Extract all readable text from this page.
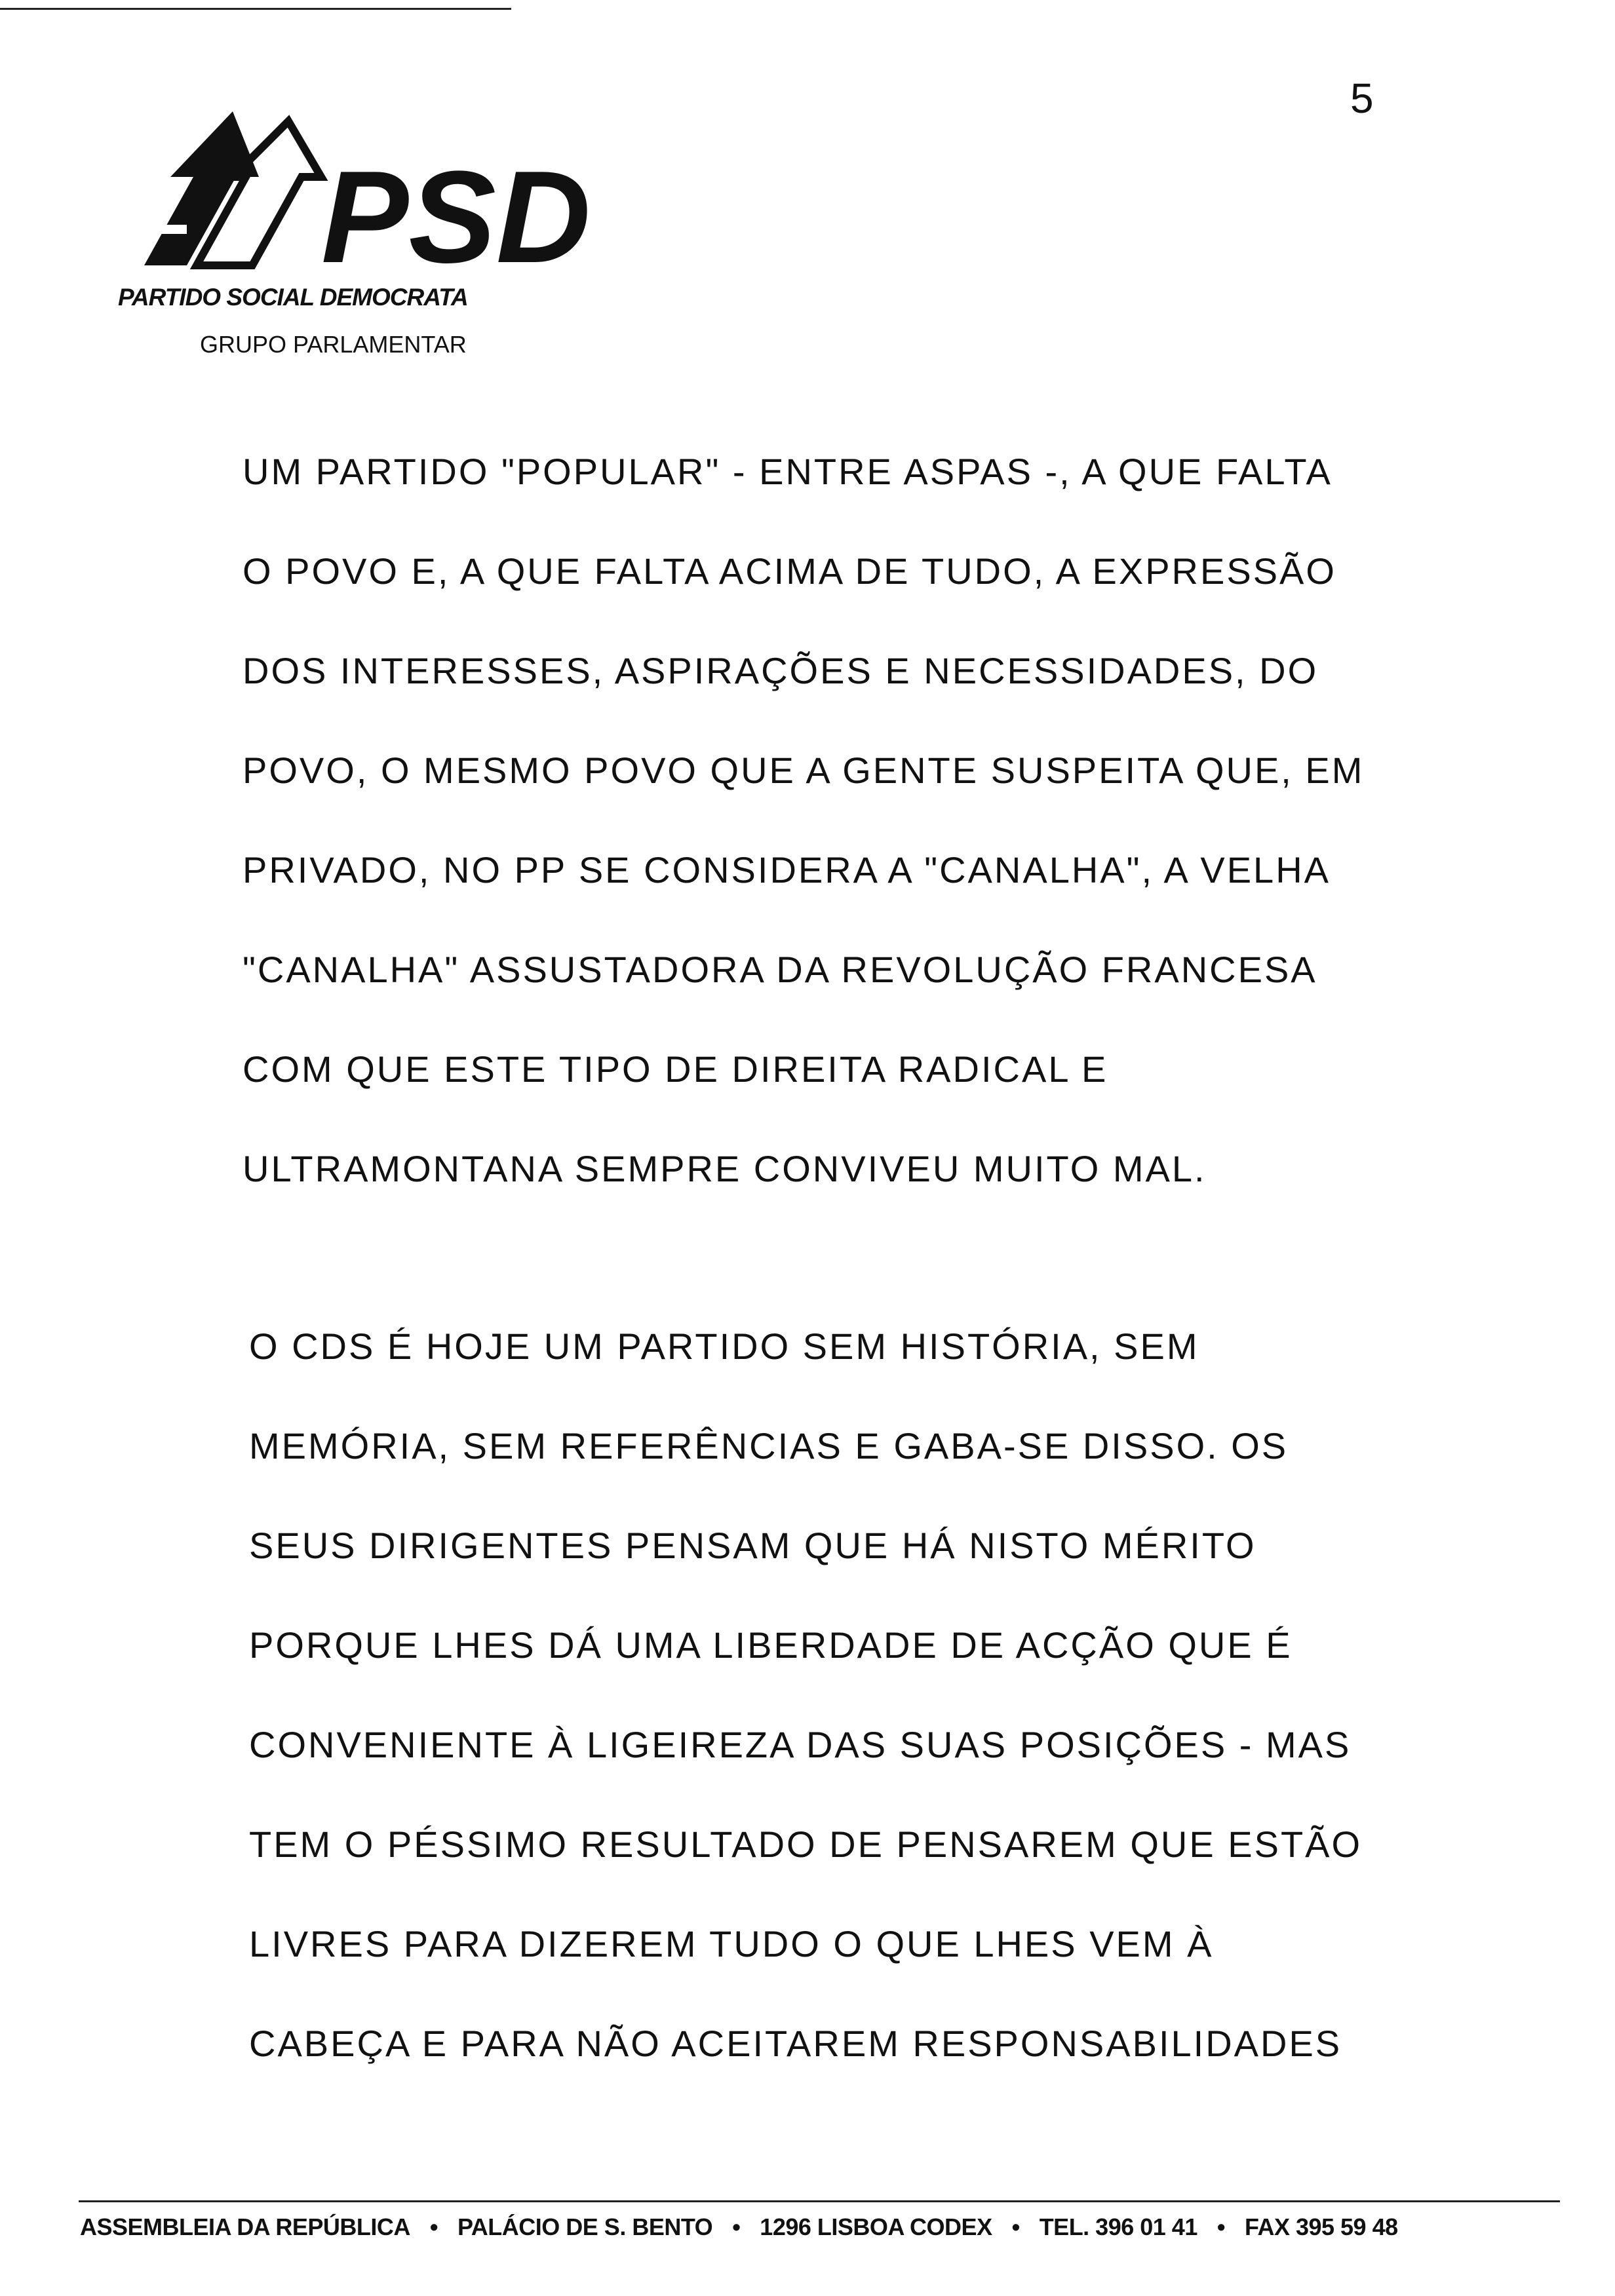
5
PSD
PARTIDO SOCIAL DEMOCRATA
GRUPO PARLAMENTAR
UM PARTIDO "POPULAR" - ENTRE ASPAS -, A QUE FALTA
O POVO E, A QUE FALTA ACIMA DE TUDO, A EXPRESSÃO
DOS INTERESSES, ASPIRAÇÕES E NECESSIDADES, DO
POVO, O MESMO POVO QUE A GENTE SUSPEITA QUE, EM
PRIVADO, NO PP SE CONSIDERA A "CANALHA", A VELHA
"CANALHA" ASSUSTADORA DA REVOLUÇÃO FRANCESA
COM QUE ESTE TIPO DE DIREITA RADICAL E
ULTRAMONTANA SEMPRE CONVIVEU MUITO MAL.
O CDS É HOJE UM PARTIDO SEM HISTÓRIA, SEM
MEMÓRIA, SEM REFERÊNCIAS E GABA-SE DISSO. OS
SEUS DIRIGENTES PENSAM QUE HÁ NISTO MÉRITO
PORQUE LHES DÁ UMA LIBERDADE DE ACÇÃO QUE É
CONVENIENTE À LIGEIREZA DAS SUAS POSIÇÕES - MAS
TEM O PÉSSIMO RESULTADO DE PENSAREM QUE ESTÃO
LIVRES PARA DIZEREM TUDO O QUE LHES VEM À
CABEÇA E PARA NÃO ACEITAREM RESPONSABILIDADES
ASSEMBLEIA DA REPÚBLICA • PALÁCIO DE S. BENTO • 1296 LISBOA CODEX • TEL. 396 01 41 • FAX 395 59 48
